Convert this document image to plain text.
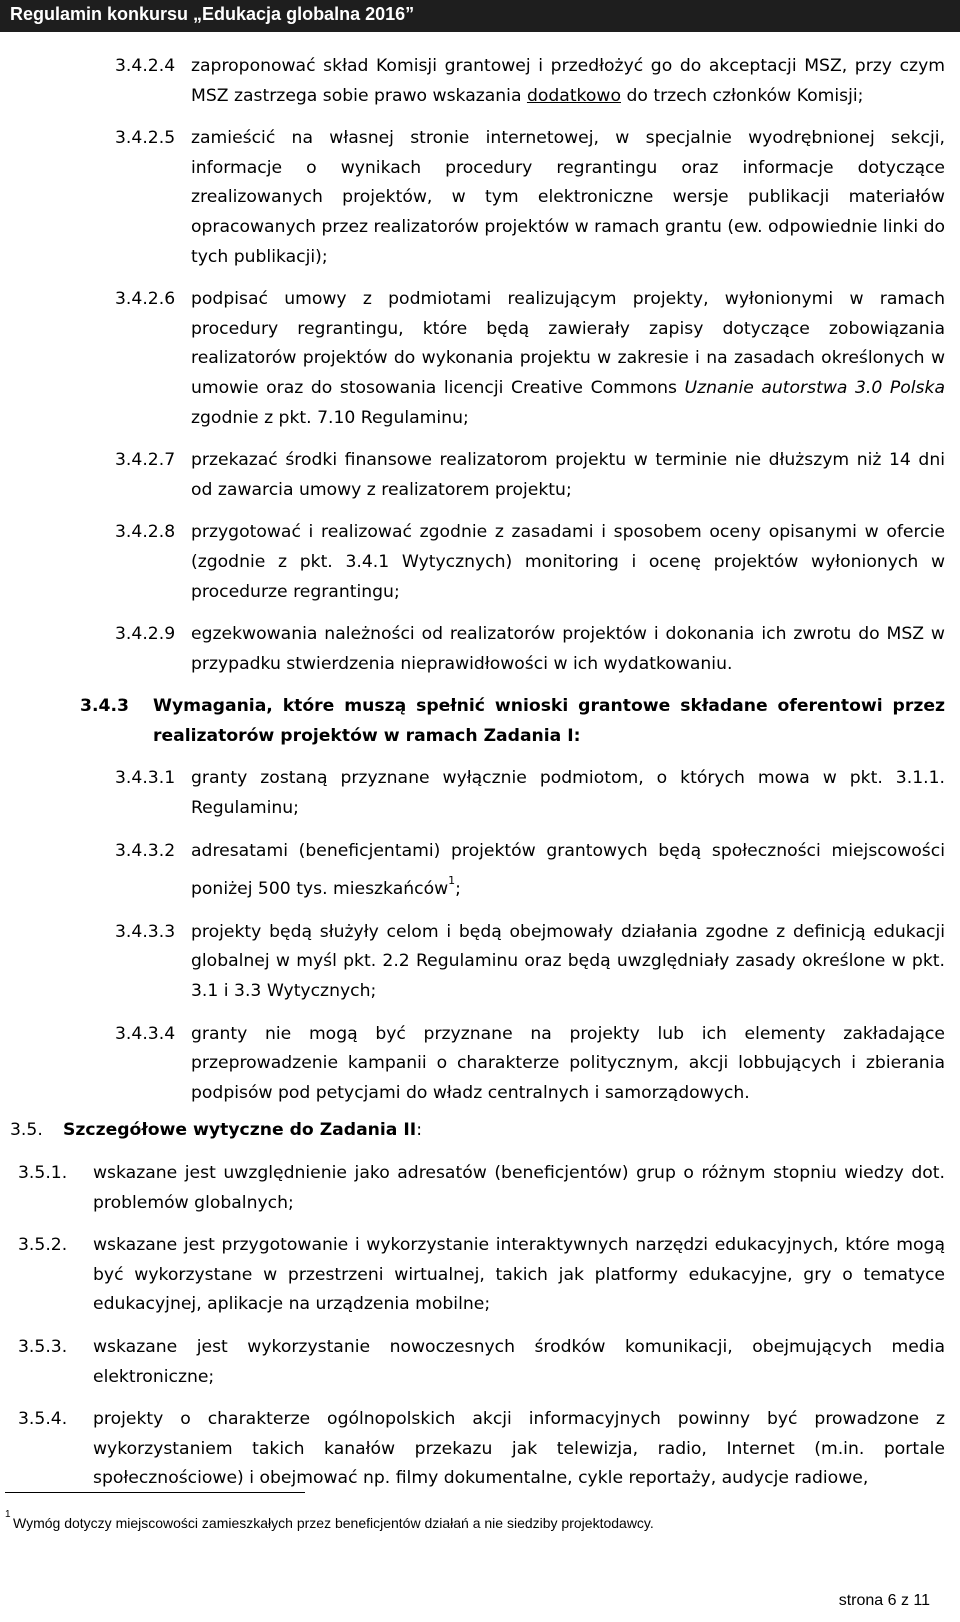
Regulamin konkursu „Edukacja globalna 2016”
3.4.2.4 zaproponować skład Komisji grantowej i przedłożyć go do akceptacji MSZ, przy czym MSZ zastrzega sobie prawo wskazania dodatkowo do trzech członków Komisji;
3.4.2.5 zamieścić na własnej stronie internetowej, w specjalnie wyodrębnionej sekcji, informacje o wynikach procedury regrantingu oraz informacje dotyczące zrealizowanych projektów, w tym elektroniczne wersje publikacji materiałów opracowanych przez realizatorów projektów w ramach grantu (ew. odpowiednie linki do tych publikacji);
3.4.2.6 podpisać umowy z podmiotami realizującym projekty, wyłonionymi w ramach procedury regrantingu, które będą zawierały zapisy dotyczące zobowiązania realizatorów projektów do wykonania projektu w zakresie i na zasadach określonych w umowie oraz do stosowania licencji Creative Commons Uznanie autorstwa 3.0 Polska zgodnie z pkt. 7.10 Regulaminu;
3.4.2.7 przekazać środki finansowe realizatorom projektu w terminie nie dłuższym niż 14 dni od zawarcia umowy z realizatorem projektu;
3.4.2.8 przygotować i realizować zgodnie z zasadami i sposobem oceny opisanymi w ofercie (zgodnie z pkt. 3.4.1 Wytycznych) monitoring i ocenę projektów wyłonionych w procedurze regrantingu;
3.4.2.9 egzekwowania należności od realizatorów projektów i dokonania ich zwrotu do MSZ w przypadku stwierdzenia nieprawidłowości w ich wydatkowaniu.
3.4.3 Wymagania, które muszą spełnić wnioski grantowe składane oferentowi przez realizatorów projektów w ramach Zadania I:
3.4.3.1 granty zostaną przyznane wyłącznie podmiotom, o których mowa w pkt. 3.1.1. Regulaminu;
3.4.3.2 adresatami (beneficjentami) projektów grantowych będą społeczności miejscowości poniżej 500 tys. mieszkańców$^1$;
3.4.3.3 projekty będą służyły celom i będą obejmowały działania zgodne z definicją edukacji globalnej w myśl pkt. 2.2 Regulaminu oraz będą uwzględniały zasady określone w pkt. 3.1 i 3.3 Wytycznych;
3.4.3.4 granty nie mogą być przyznane na projekty lub ich elementy zakładające przeprowadzenie kampanii o charakterze politycznym, akcji lobbujących i zbierania podpisów pod petycjami do władz centralnych i samorządowych.
3.5. Szczegółowe wytyczne do Zadania II:
3.5.1. wskazane jest uwzględnienie jako adresatów (beneficjentów) grup o różnym stopniu wiedzy dot. problemów globalnych;
3.5.2. wskazane jest przygotowanie i wykorzystanie interaktywnych narzędzi edukacyjnych, które mogą być wykorzystane w przestrzeni wirtualnej, takich jak platformy edukacyjne, gry o tematyce edukacyjnej, aplikacje na urządzenia mobilne;
3.5.3. wskazane jest wykorzystanie nowoczesnych środków komunikacji, obejmujących media elektroniczne;
3.5.4. projekty o charakterze ogólnopolskich akcji informacyjnych powinny być prowadzone z wykorzystaniem takich kanałów przekazu jak telewizja, radio, Internet (m.in. portale społecznościowe) i obejmować np. filmy dokumentalne, cykle reportaży, audycje radiowe,
1
Wymóg dotyczy miejscowości zamieszkałych przez beneficjentów działań a nie siedziby projektodawcy.
strona 6 z 11
